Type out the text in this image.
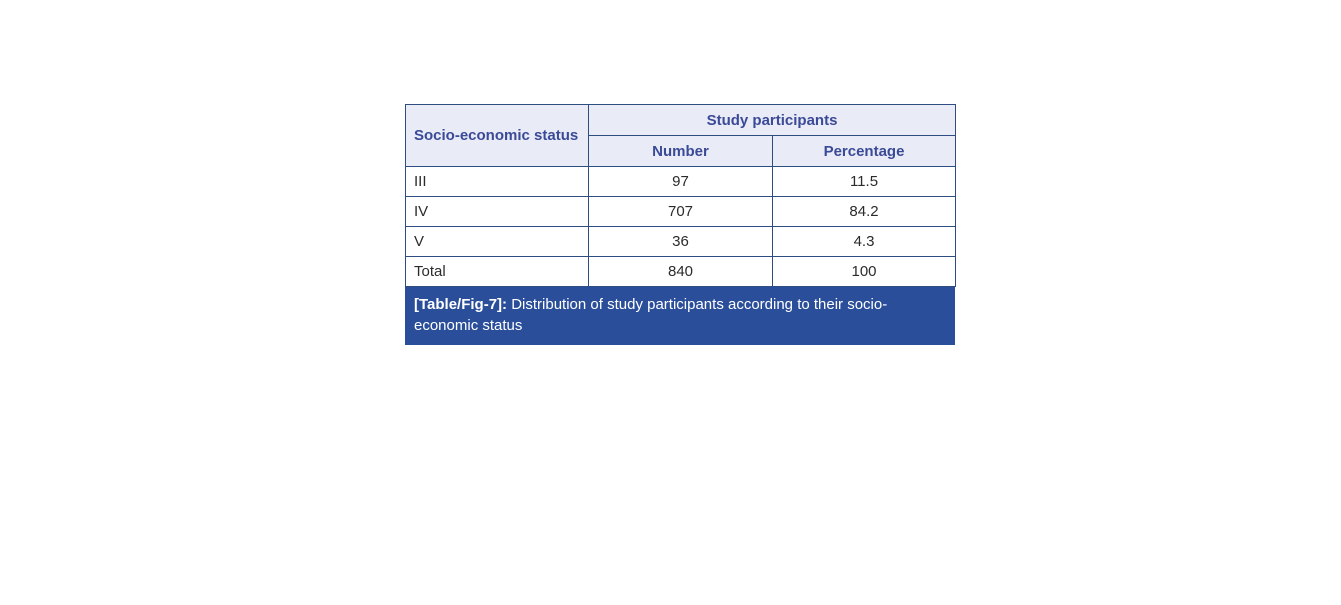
Socio-economic status	Study participants	
	Number	Percentage
III	97	11.5
IV	707	84.2
V	36	4.3
Total	840	100
[Table/Fig-7]: Distribution of study participants according to their socio-economic status
